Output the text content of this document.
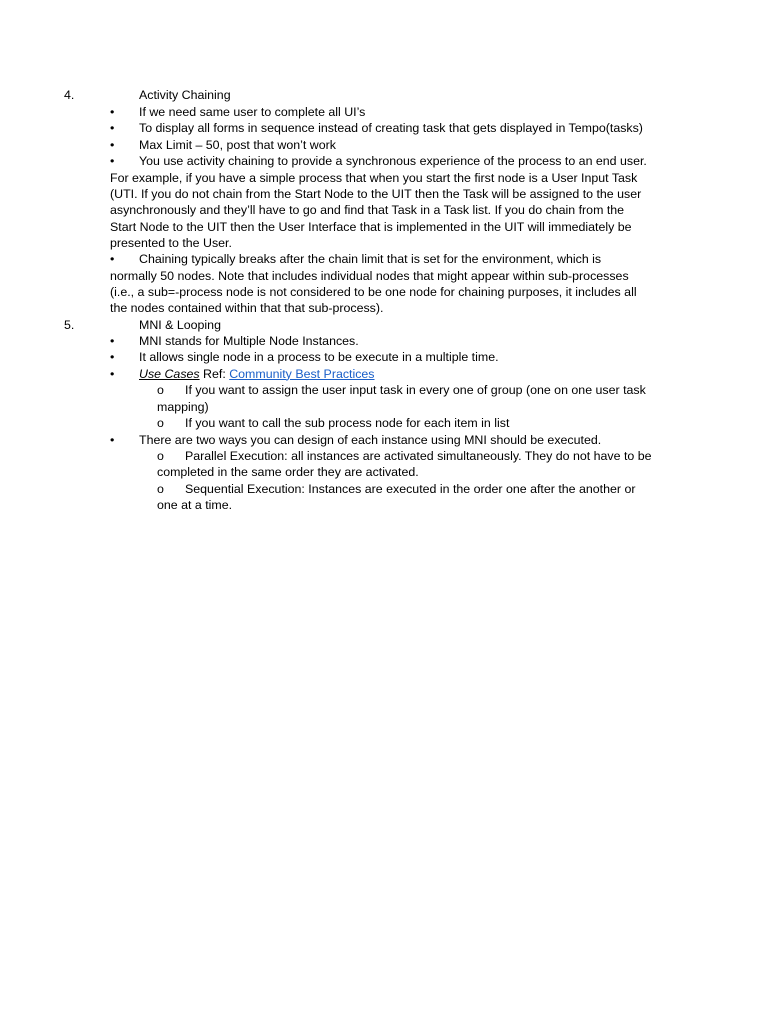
4.	Activity Chaining
• If we need same user to complete all UI’s
• To display all forms in sequence instead of creating task that gets displayed in Tempo(tasks)
• Max Limit – 50, post that won’t work
• You use activity chaining to provide a synchronous experience of the process to an end user.
For example, if you have a simple process that when you start the first node is a User Input Task
(UTI. If you do not chain from the Start Node to the UIT then the Task will be assigned to the user
asynchronously and they’ll have to go and find that Task in a Task list. If you do chain from the
Start Node to the UIT then the User Interface that is implemented in the UIT will immediately be
presented to the User.
• Chaining typically breaks after the chain limit that is set for the environment, which is
normally 50 nodes. Note that includes individual nodes that might appear within sub-processes
(i.e., a sub=-process node is not considered to be one node for chaining purposes, it includes all
the nodes contained within that that sub-process).
5.	MNI & Looping
• MNI stands for Multiple Node Instances.
• It allows single node in a process to be execute in a multiple time.
• Use Cases Ref: Community Best Practices
o If you want to assign the user input task in every one of group (one on one user task
mapping)
o If you want to call the sub process node for each item in list
• There are two ways you can design of each instance using MNI should be executed.
o Parallel Execution: all instances are activated simultaneously. They do not have to be
completed in the same order they are activated.
o Sequential Execution: Instances are executed in the order one after the another or
one at a time.
